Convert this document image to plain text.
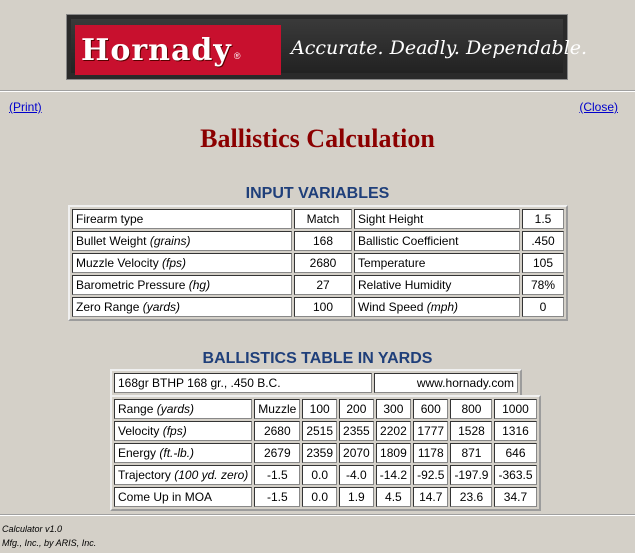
Hornady ®	Accurate. Deadly. Dependable.
(Print)	(Close)
Ballistics Calculation
INPUT VARIABLES
Firearm type	Match	Sight Height	1.5
Bullet Weight (grains)	168	Ballistic Coefficient	.450
Muzzle Velocity (fps)	2680	Temperature	105
Barometric Pressure (hg)	27	Relative Humidity	78%
Zero Range (yards)	100	Wind Speed (mph)	0
BALLISTICS TABLE IN YARDS
168gr BTHP 168 gr., .450 B.C.	www.hornady.com
Range (yards)	Muzzle	100	200	300	600	800	1000
Velocity (fps)	2680	2515	2355	2202	1777	1528	1316
Energy (ft.-lb.)	2679	2359	2070	1809	1178	871	646
Trajectory (100 yd. zero)	-1.5	0.0	-4.0	-14.2	-92.5	-197.9	-363.5
Come Up in MOA	-1.5	0.0	1.9	4.5	14.7	23.6	34.7
Calculator v1.0
Mfg., Inc., by ARIS, Inc.
